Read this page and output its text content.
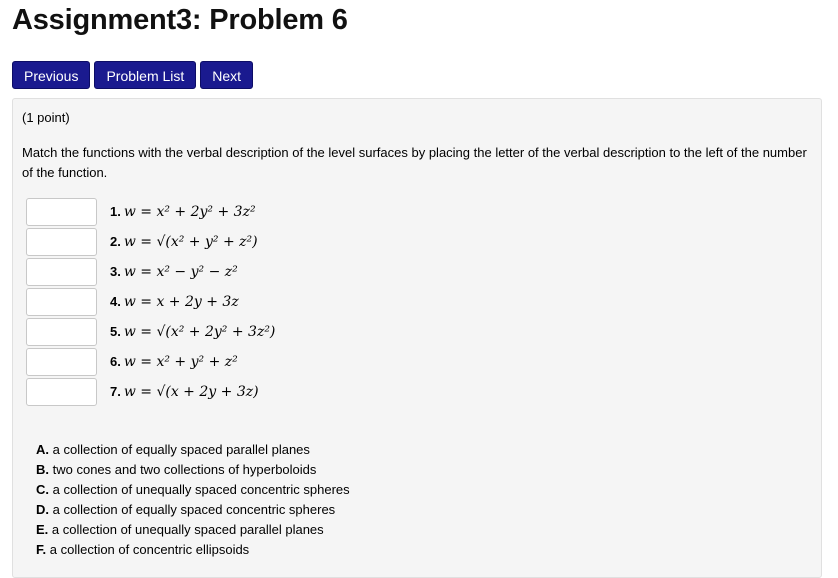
Assignment3: Problem 6
Previous	Problem List	Next
(1 point)
Match the functions with the verbal description of the level surfaces by placing the letter of the verbal description to the left of the number of the function.
1. w = x² + 2y² + 3z²
2. w = √(x² + y² + z²)
3. w = x² − y² − z²
4. w = x + 2y + 3z
5. w = √(x² + 2y² + 3z²)
6. w = x² + y² + z²
7. w = √(x + 2y + 3z)
A. a collection of equally spaced parallel planes
B. two cones and two collections of hyperboloids
C. a collection of unequally spaced concentric spheres
D. a collection of equally spaced concentric spheres
E. a collection of unequally spaced parallel planes
F. a collection of concentric ellipsoids
